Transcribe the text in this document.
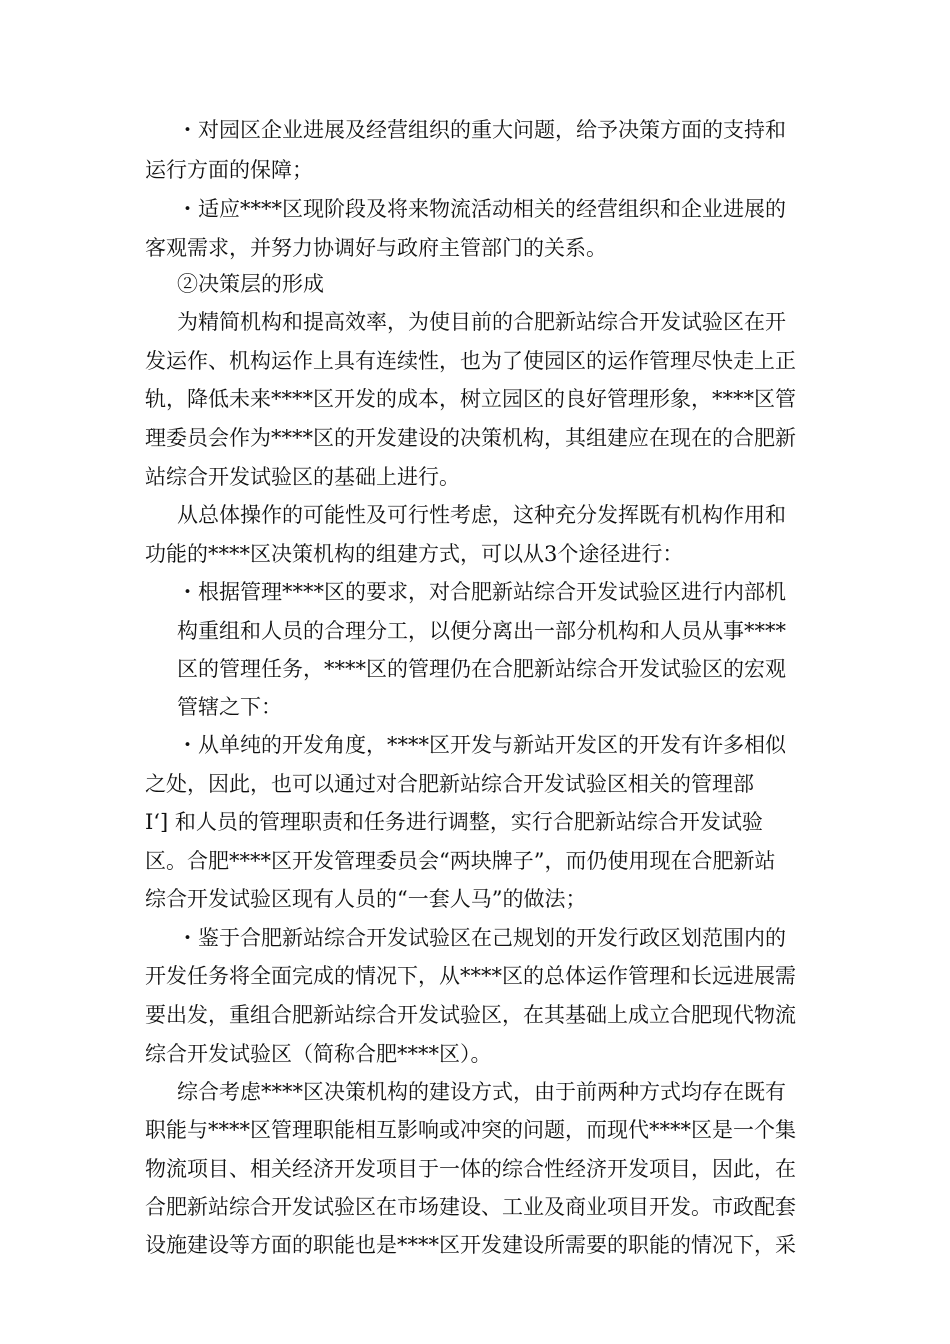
・对园区企业进展及经营组织的重大问题，给予决策方面的支持和
运行方面的保障；
・适应****区现阶段及将来物流活动相关的经营组织和企业进展的
客观需求，并努力协调好与政府主管部门的关系。
②决策层的形成
为精简机构和提高效率，为使目前的合肥新站综合开发试验区在开
发运作、机构运作上具有连续性，也为了使园区的运作管理尽快走上正
轨，降低未来****区开发的成本，树立园区的良好管理形象，****区管
理委员会作为****区的开发建设的决策机构，其组建应在现在的合肥新
站综合开发试验区的基础上进行。
从总体操作的可能性及可行性考虑，这种充分发挥既有机构作用和
功能的****区决策机构的组建方式，可以从3个途径进行：
・根据管理****区的要求，对合肥新站综合开发试验区进行内部机
构重组和人员的合理分工，以便分离出一部分机构和人员从事****
区的管理任务，****区的管理仍在合肥新站综合开发试验区的宏观
管辖之下：
・从单纯的开发角度，****区开发与新站开发区的开发有许多相似
之处，因此，也可以通过对合肥新站综合开发试验区相关的管理部
I‘] 和人员的管理职责和任务进行调整，实行合肥新站综合开发试验
区。合肥****区开发管理委员会“两块牌子”，而仍使用现在合肥新站
综合开发试验区现有人员的“一套人马”的做法；
・鉴于合肥新站综合开发试验区在己规划的开发行政区划范围内的
开发任务将全面完成的情况下，从****区的总体运作管理和长远进展需
要出发，重组合肥新站综合开发试验区，在其基础上成立合肥现代物流
综合开发试验区（简称合肥****区）。
综合考虑****区决策机构的建设方式，由于前两种方式均存在既有
职能与****区管理职能相互影响或冲突的问题，而现代****区是一个集
物流项目、相关经济开发项目于一体的综合性经济开发项目，因此，在
合肥新站综合开发试验区在市场建设、工业及商业项目开发。市政配套
设施建设等方面的职能也是****区开发建设所需要的职能的情况下，采
